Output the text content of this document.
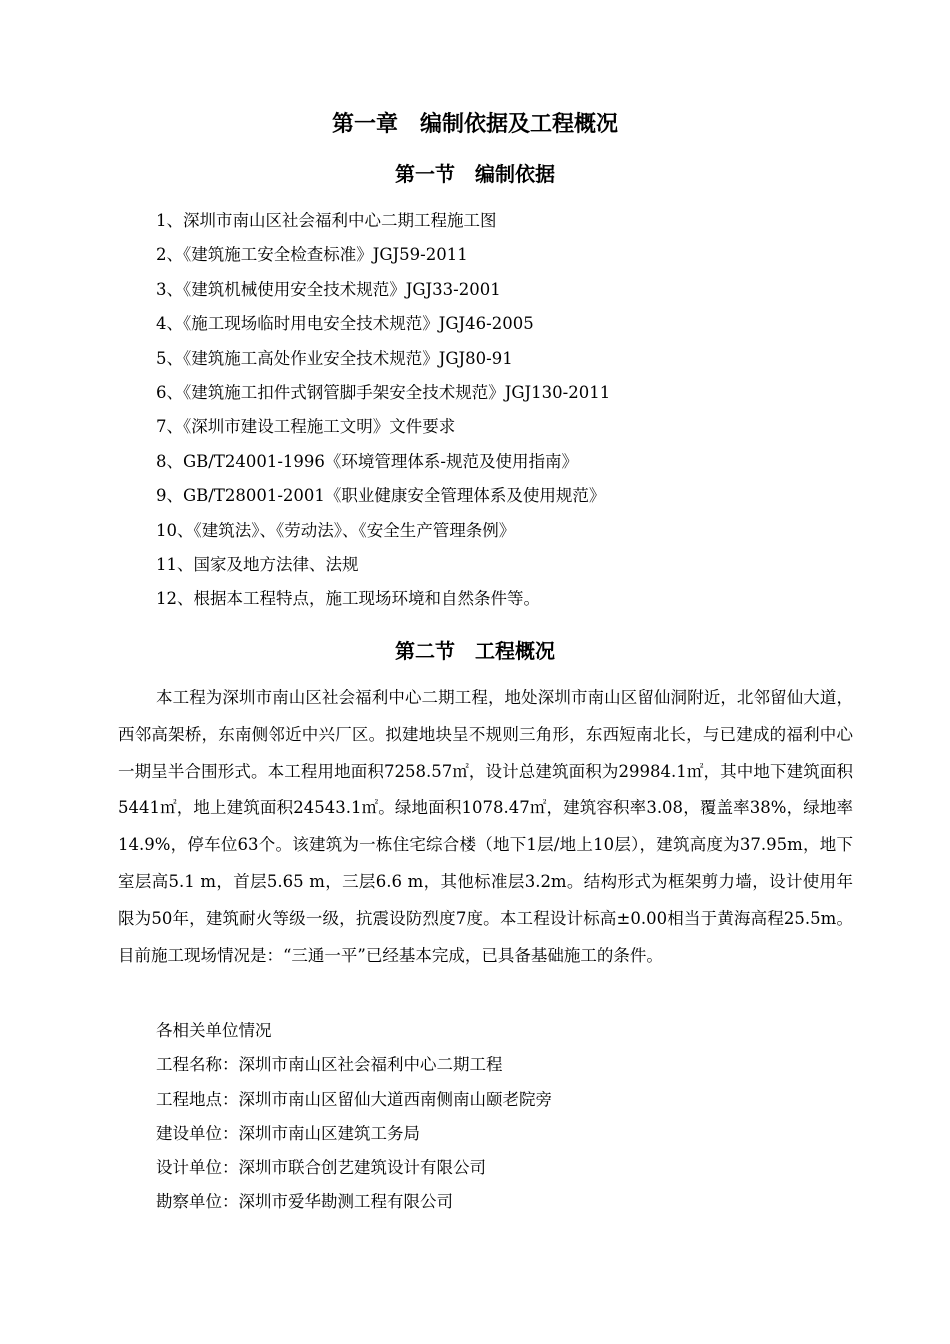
第一章　编制依据及工程概况
第一节　编制依据
1、深圳市南山区社会福利中心二期工程施工图
2、《建筑施工安全检查标准》JGJ59-2011
3、《建筑机械使用安全技术规范》JGJ33-2001
4、《施工现场临时用电安全技术规范》JGJ46-2005
5、《建筑施工高处作业安全技术规范》JGJ80-91
6、《建筑施工扣件式钢管脚手架安全技术规范》JGJ130-2011
7、《深圳市建设工程施工文明》文件要求
8、GB/T24001-1996《环境管理体系-规范及使用指南》
9、GB/T28001-2001《职业健康安全管理体系及使用规范》
10、《建筑法》、《劳动法》、《安全生产管理条例》
11、国家及地方法律、法规
12、根据本工程特点，施工现场环境和自然条件等。
第二节　工程概况

本工程为深圳市南山区社会福利中心二期工程，地处深圳市南山区留仙洞附近，北邻留仙大道，西邻高架桥，东南侧邻近中兴厂区。拟建地块呈不规则三角形，东西短南北长，与已建成的福利中心一期呈半合围形式。本工程用地面积7258.57㎡，设计总建筑面积为29984.1㎡，其中地下建筑面积5441㎡，地上建筑面积24543.1㎡。绿地面积1078.47㎡，建筑容积率3.08，覆盖率38%，绿地率14.9%，停车位63个。该建筑为一栋住宅综合楼（地下1层/地上10层），建筑高度为37.95m，地下室层高5.1 m，首层5.65 m，三层6.6 m，其他标准层3.2m。结构形式为框架剪力墙，设计使用年限为50年，建筑耐火等级一级，抗震设防烈度7度。本工程设计标高±0.00相当于黄海高程25.5m。目前施工现场情况是：“三通一平”已经基本完成，已具备基础施工的条件。

各相关单位情况
工程名称：深圳市南山区社会福利中心二期工程
工程地点：深圳市南山区留仙大道西南侧南山颐老院旁
建设单位：深圳市南山区建筑工务局
设计单位：深圳市联合创艺建筑设计有限公司
勘察单位：深圳市爱华勘测工程有限公司
